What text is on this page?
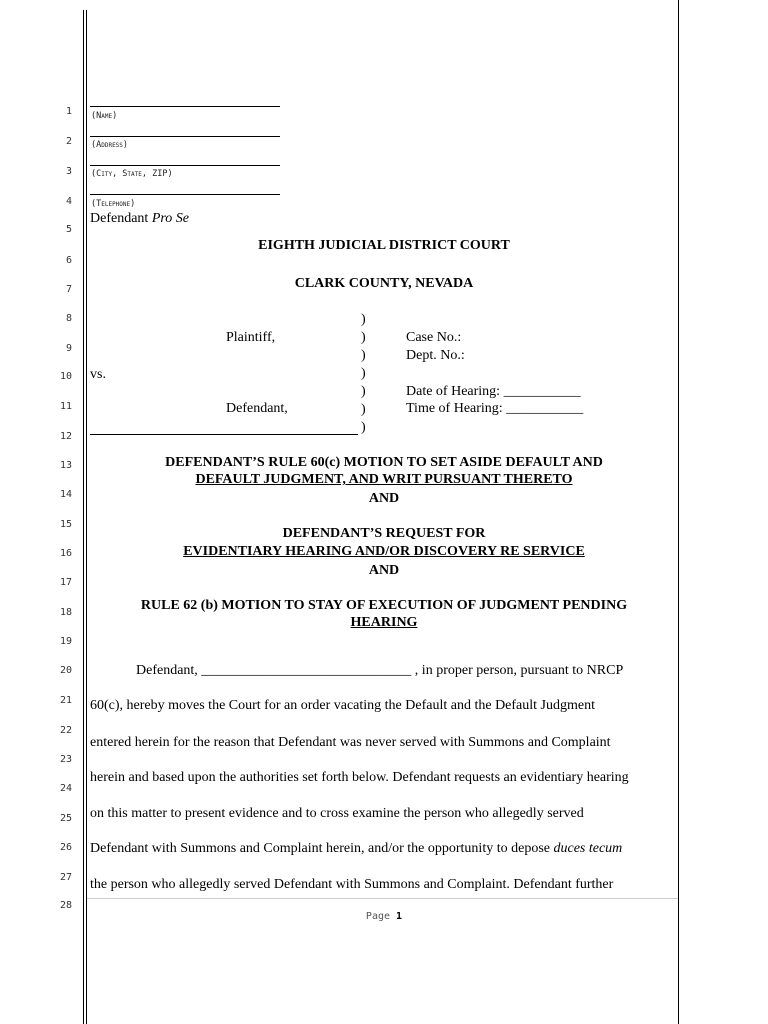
1
2
3
4
5
6
7
8
9
10
11
12
13
14
15
16
17
18
19
20
21
22
23
24
25
26
27
28
(Name)
(Address)
(City, State, ZIP)
(Telephone)
Defendant Pro Se
EIGHTH JUDICIAL DISTRICT COURT
CLARK COUNTY, NEVADA
Plaintiff,
vs.
Defendant,
)
)
)
)
)
)
)
Case No.:
Dept. No.:
Date of Hearing: ___________
Time of Hearing: ___________
DEFENDANT’S RULE 60(c) MOTION TO SET ASIDE DEFAULT AND
DEFAULT JUDGMENT, AND WRIT PURSUANT THERETO
AND
DEFENDANT’S REQUEST FOR
EVIDENTIARY HEARING AND/OR DISCOVERY RE SERVICE
AND
RULE 62 (b) MOTION TO STAY OF EXECUTION OF JUDGMENT PENDING
HEARING
Defendant, ______________________________ , in proper person, pursuant to NRCP
60(c), hereby moves the Court for an order vacating the Default and the Default Judgment
entered herein for the reason that Defendant was never served with Summons and Complaint
herein and based upon the authorities set forth below. Defendant requests an evidentiary hearing
on this matter to present evidence and to cross examine the person who allegedly served
Defendant with Summons and Complaint herein, and/or the opportunity to depose duces tecum
the person who allegedly served Defendant with Summons and Complaint. Defendant further
Page 1
